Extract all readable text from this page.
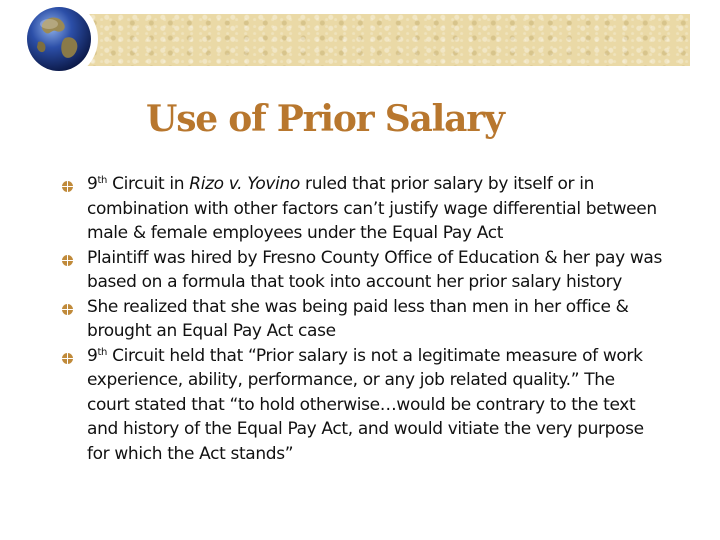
Use of Prior Salary
9th Circuit in Rizo v. Yovino ruled that prior salary by itself or in combination with other factors can’t justify wage differential between male & female employees under the Equal Pay Act
Plaintiff was hired by Fresno County Office of Education & her pay was based on a formula that took into account her prior salary history
She realized that she was being paid less than men in her office & brought an Equal Pay Act case
9th Circuit held that “Prior salary is not a legitimate measure of work experience, ability, performance, or any job related quality.” The court stated that “to hold otherwise…would be contrary to the text and history of the Equal Pay Act, and would vitiate the very purpose for which the Act stands”
